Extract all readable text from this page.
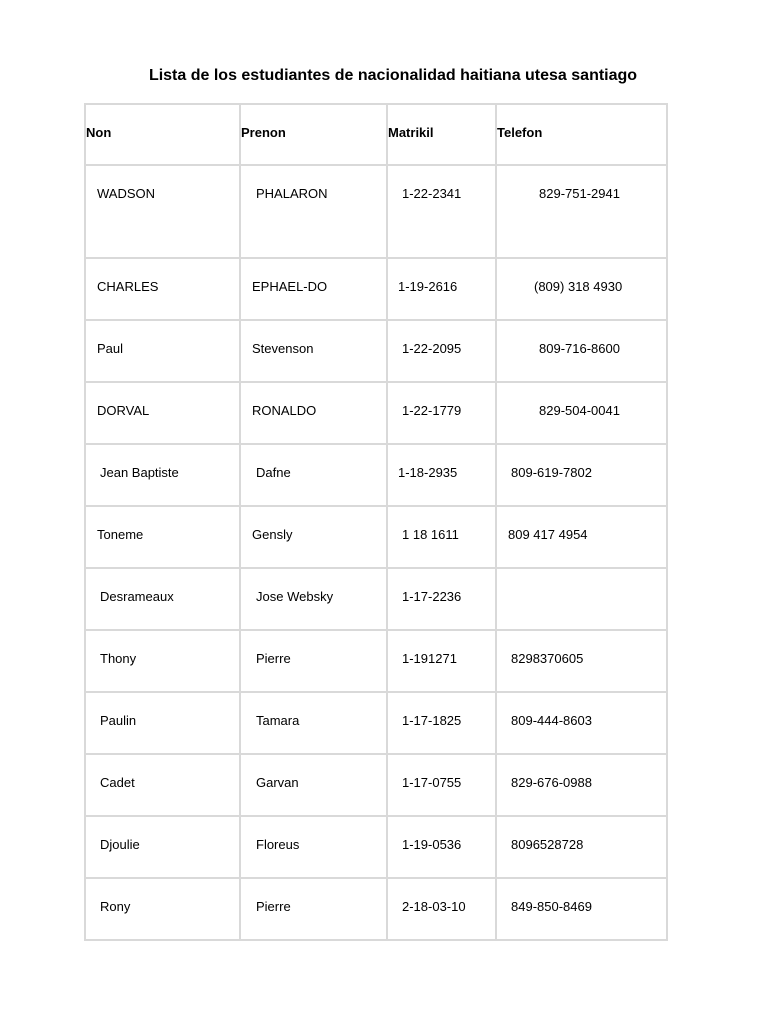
Lista de los estudiantes de nacionalidad haitiana utesa santiago
Non	Prenon	Matrikil	Telefon
WADSON	PHALARON	1-22-2341	829-751-2941
CHARLES	EPHAEL-DO	1-19-2616	(809) 318 4930
Paul	Stevenson	1-22-2095	809-716-8600
DORVAL	RONALDO	1-22-1779	829-504-0041
Jean Baptiste	Dafne	1-18-2935	809-619-7802
Toneme	Gensly	1 18 1611	809 417 4954
Desrameaux	Jose Websky	1-17-2236	
Thony	Pierre	1-191271	8298370605
Paulin	Tamara	1-17-1825	809-444-8603
Cadet	Garvan	1-17-0755	829-676-0988
Djoulie	Floreus	1-19-0536	8096528728
Rony	Pierre	2-18-03-10	849-850-8469
